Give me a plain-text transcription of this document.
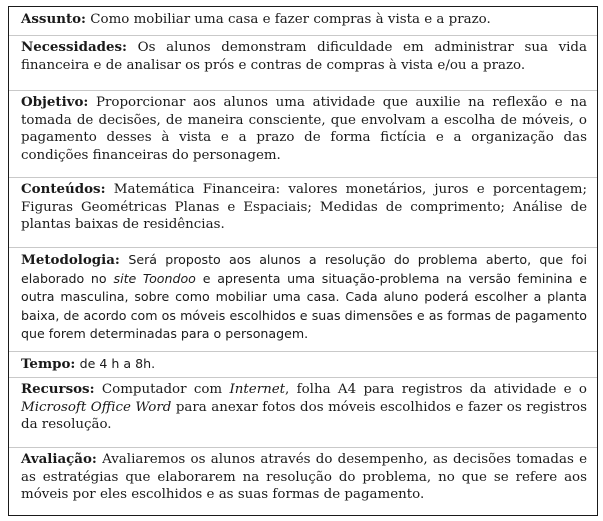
Assunto: Como mobiliar uma casa e fazer compras à vista e a prazo.
Necessidades: Os alunos demonstram dificuldade em administrar sua vida financeira e de analisar os prós e contras de compras à vista e/ou a prazo.
Objetivo: Proporcionar aos alunos uma atividade que auxilie na reflexão e na tomada de decisões, de maneira consciente, que envolvam a escolha de móveis, o pagamento desses à vista e a prazo de forma fictícia e a organização das condições financeiras do personagem.
Conteúdos: Matemática Financeira: valores monetários, juros e porcentagem; Figuras Geométricas Planas e Espaciais; Medidas de comprimento; Análise de plantas baixas de residências.
Metodologia: Será proposto aos alunos a resolução do problema aberto, que foi elaborado no site Toondoo e apresenta uma situação-problema na versão feminina e outra masculina, sobre como mobiliar uma casa. Cada aluno poderá escolher a planta baixa, de acordo com os móveis escolhidos e suas dimensões e as formas de pagamento que forem determinadas para o personagem.
Tempo: de 4 h a 8h.
Recursos: Computador com Internet, folha A4 para registros da atividade e o Microsoft Office Word para anexar fotos dos móveis escolhidos e fazer os registros da resolução.
Avaliação: Avaliaremos os alunos através do desempenho, as decisões tomadas e as estratégias que elaborarem na resolução do problema, no que se refere aos móveis por eles escolhidos e as suas formas de pagamento.
